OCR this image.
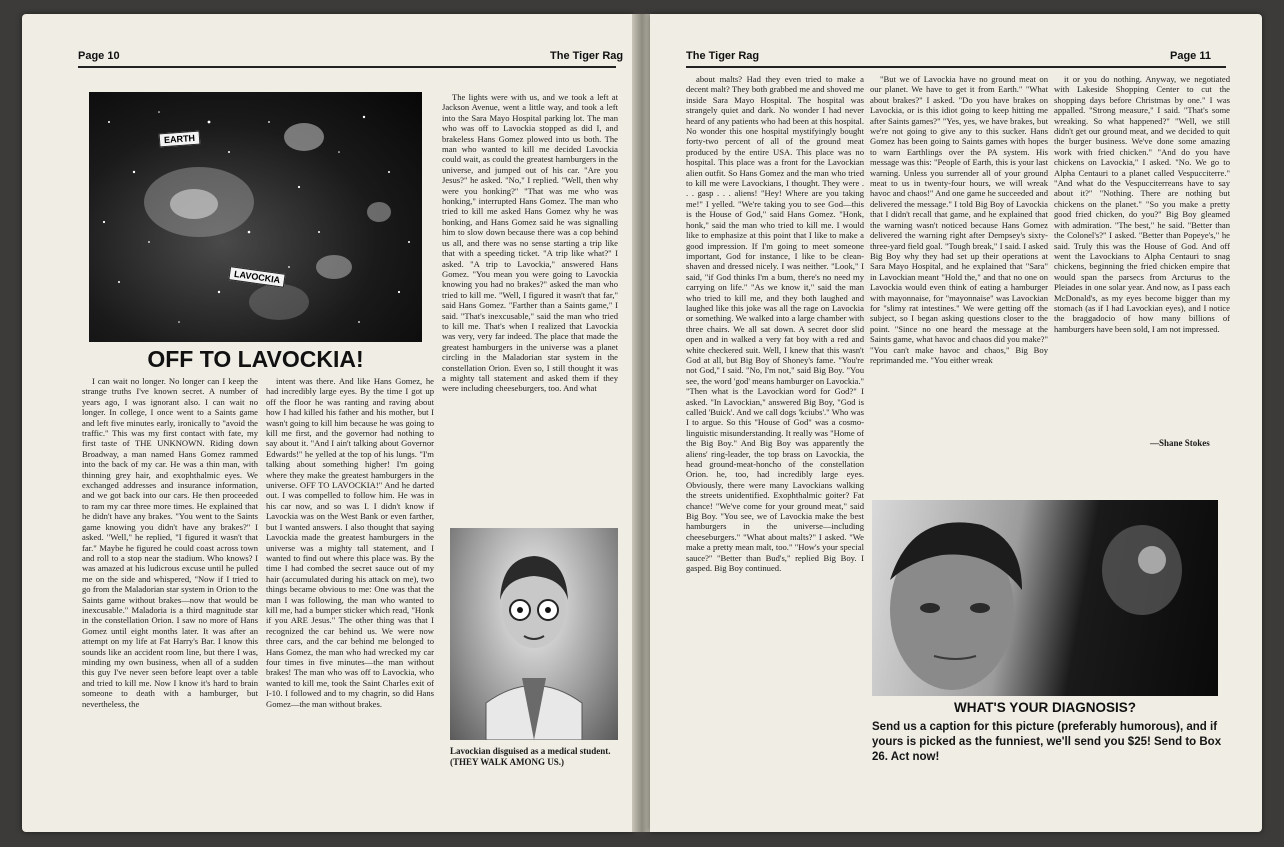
Page 10	The Tiger Rag
EARTH
LAVOCKIA
OFF TO LAVOCKIA!

I can wait no longer. No longer can I keep the strange truths I've known secret. A number of years ago, I was ignorant also. I can wait no longer. In college, I once went to a Saints game and left five minutes early, ironically to "avoid the traffic." This was my first contact with fate, my first taste of THE UNKNOWN. Riding down Broadway, a man named Hans Gomez rammed into the back of my car. He was a thin man, with thinning grey hair, and exophthalmic eyes. We exchanged addresses and insurance information, and we got back into our cars. He then proceeded to ram my car three more times. He explained that he didn't have any brakes. "You went to the Saints game knowing you didn't have any brakes?" I asked. "Well," he replied, "I figured it wasn't that far." Maybe he figured he could coast across town and roll to a stop near the stadium. Who knows? I was amazed at his ludicrous excuse until he pulled me on the side and whispered, "Now if I tried to go from the Maladorian star system in Orion to the Saints game without brakes—now that would be inexcusable." Maladoria is a third magnitude star in the constellation Orion. I saw no more of Hans Gomez until eight months later. It was after an attempt on my life at Fat Harry's Bar. I know this sounds like an accident room line, but there I was, minding my own business, when all of a sudden this guy I've never seen before leapt over a table and tried to kill me. Now I know it's hard to brain someone to death with a hamburger, but nevertheless, the

intent was there. And like Hans Gomez, he had incredibly large eyes. By the time I got up off the floor he was ranting and raving about how I had killed his father and his mother, but I wasn't going to kill him because he was going to kill me first, and the governor had nothing to say about it. "And I ain't talking about Governor Edwards!" he yelled at the top of his lungs. "I'm talking about something higher! I'm going where they make the greatest hamburgers in the universe. OFF TO LAVOCKIA!" And he darted out. I was compelled to follow him. He was in his car now, and so was I. I didn't know if Lavockia was on the West Bank or even farther, but I wanted answers. I also thought that saying Lavockia made the greatest hamburgers in the universe was a mighty tall statement, and I wanted to find out where this place was. By the time I had combed the secret sauce out of my hair (accumulated during his attack on me), two things became obvious to me: One was that the man I was following, the man who wanted to kill me, had a bumper sticker which read, "Honk if you ARE Jesus." The other thing was that I recognized the car behind us. We were now three cars, and the car behind me belonged to Hans Gomez, the man who had wrecked my car four times in five minutes—the man without brakes! The man who was off to Lavockia, who wanted to kill me, took the Saint Charles exit of I-10. I followed and to my chagrin, so did Hans Gomez—the man without brakes.

The lights were with us, and we took a left at Jackson Avenue, went a little way, and took a left into the Sara Mayo Hospital parking lot. The man who was off to Lavockia stopped as did I, and brakeless Hans Gomez plowed into us both. The man who wanted to kill me decided Lavockia could wait, as could the greatest hamburgers in the universe, and jumped out of his car. "Are you Jesus?" he asked. "No," I replied. "Well, then why were you honking?" "That was me who was honking," interrupted Hans Gomez. The man who tried to kill me asked Hans Gomez why he was honking, and Hans Gomez said he was signalling him to slow down because there was a cop behind us all, and there was no sense starting a trip like that with a speeding ticket. "A trip like what?" I asked. "A trip to Lavockia," answered Hans Gomez. "You mean you were going to Lavockia knowing you had no brakes?" asked the man who tried to kill me. "Well, I figured it wasn't that far," said Hans Gomez. "Farther than a Saints game," I said. "That's inexcusable," said the man who tried to kill me. That's when I realized that Lavockia was very, very far indeed. The place that made the greatest hamburgers in the universe was a planet circling in the Maladorian star system in the constellation Orion. Even so, I still thought it was a mighty tall statement and asked them if they were including cheeseburgers, too. And what

Lavockian disguised as a medical student. (THEY WALK AMONG US.)
The Tiger Rag	Page 11

about malts? Had they even tried to make a decent malt? They both grabbed me and shoved me inside Sara Mayo Hospital. The hospital was strangely quiet and dark. No wonder I had never heard of any patients who had been at this hospital. No wonder this one hospital mystifyingly bought forty-two percent of all of the ground meat produced by the entire USA. This place was no hospital. This place was a front for the Lavockian alien outfit. So Hans Gomez and the man who tried to kill me were Lavockians, I thought. They were . . . gasp . . . aliens! "Hey! Where are you taking me!" I yelled. "We're taking you to see God—this is the House of God," said Hans Gomez. "Honk, honk," said the man who tried to kill me. I would like to emphasize at this point that I like to make a good impression. If I'm going to meet someone important, God for instance, I like to be clean-shaven and dressed nicely. I was neither. "Look," I said, "if God thinks I'm a bum, there's no need my carrying on life." "As we know it," said the man who tried to kill me, and they both laughed and laughed like this joke was all the rage on Lavockia or something. We walked into a large chamber with three chairs. We all sat down. A secret door slid open and in walked a very fat boy with a red and white checkered suit. Well, I knew that this wasn't God at all, but Big Boy of Shoney's fame. "You're not God," I said. "No, I'm not," said Big Boy. "You see, the word 'god' means hamburger on Lavockia." "Then what is the Lavockian word for God?" I asked. "In Lavockian," answered Big Boy, "God is called 'Buick'. And we call dogs 'kciubs'." Who was I to argue. So this "House of God" was a cosmo-linguistic misunderstanding. It really was "Home of the Big Boy." And Big Boy was apparently the aliens' ring-leader, the top brass on Lavockia, the head ground-meat-honcho of the constellation Orion. he, too, had incredibly large eyes. Obviously, there were many Lavockians walking the streets unidentified. Exophthalmic goiter? Fat chance! "We've come for your ground meat," said Big Boy. "You see, we of Lavockia make the best hamburgers in the universe—including cheeseburgers." "What about malts?" I asked. "We make a pretty mean malt, too." "How's your special sauce?" "Better than Bud's," replied Big Boy. I gasped. Big Boy continued.

"But we of Lavockia have no ground meat on our planet. We have to get it from Earth." "What about brakes?" I asked. "Do you have brakes on Lavockia, or is this idiot going to keep hitting me after Saints games?" "Yes, yes, we have brakes, but we're not going to give any to this sucker. Hans Gomez has been going to Saints games with hopes to warn Earthlings over the PA system. His message was this: "People of Earth, this is your last warning. Unless you surrender all of your ground meat to us in twenty-four hours, we will wreak havoc and chaos!" And one game he succeeded and delivered the message." I told Big Boy of Lavockia that I didn't recall that game, and he explained that the warning wasn't noticed because Hans Gomez delivered the warning right after Dempsey's sixty-three-yard field goal. "Tough break," I said. I asked Big Boy why they had set up their operations at Sara Mayo Hospital, and he explained that "Sara" in Lavockian meant "Hold the," and that no one on Lavockia would even think of eating a hamburger with mayonnaise, for "mayonnaise" was Lavockian for "slimy rat intestines." We were getting off the subject, so I began asking questions closer to the point. "Since no one heard the message at the Saints game, what havoc and chaos did you make?" "You can't make havoc and chaos," Big Boy reprimanded me. "You either wreak

it or you do nothing. Anyway, we negotiated with Lakeside Shopping Center to cut the shopping days before Christmas by one." I was appalled. "Strong measure," I said. "That's some wreaking. So what happened?" "Well, we still didn't get our ground meat, and we decided to quit the burger business. We've done some amazing work with fried chicken." "And do you have chickens on Lavockia," I asked. "No. We go to Alpha Centauri to a planet called Vespucciterre." "And what do the Vespucciterreans have to say about it?" "Nothing. There are nothing but chickens on the planet." "So you make a pretty good fried chicken, do you?" Big Boy gleamed with admiration. "The best," he said. "Better than the Colonel's?" I asked. "Better than Popeye's," he said. Truly this was the House of God. And off went the Lavockians to Alpha Centauri to snag chickens, beginning the fried chicken empire that would span the parsecs from Arcturus to the Pleiades in one solar year. And now, as I pass each McDonald's, as my eyes become bigger than my stomach (as if I had Lavockian eyes), and I notice the braggadocio of how many billions of hamburgers have been sold, I am not impressed.

—Shane Stokes
WHAT'S YOUR DIAGNOSIS?
Send us a caption for this picture (preferably humorous), and if yours is picked as the funniest, we'll send you $25! Send to Box 26. Act now!
